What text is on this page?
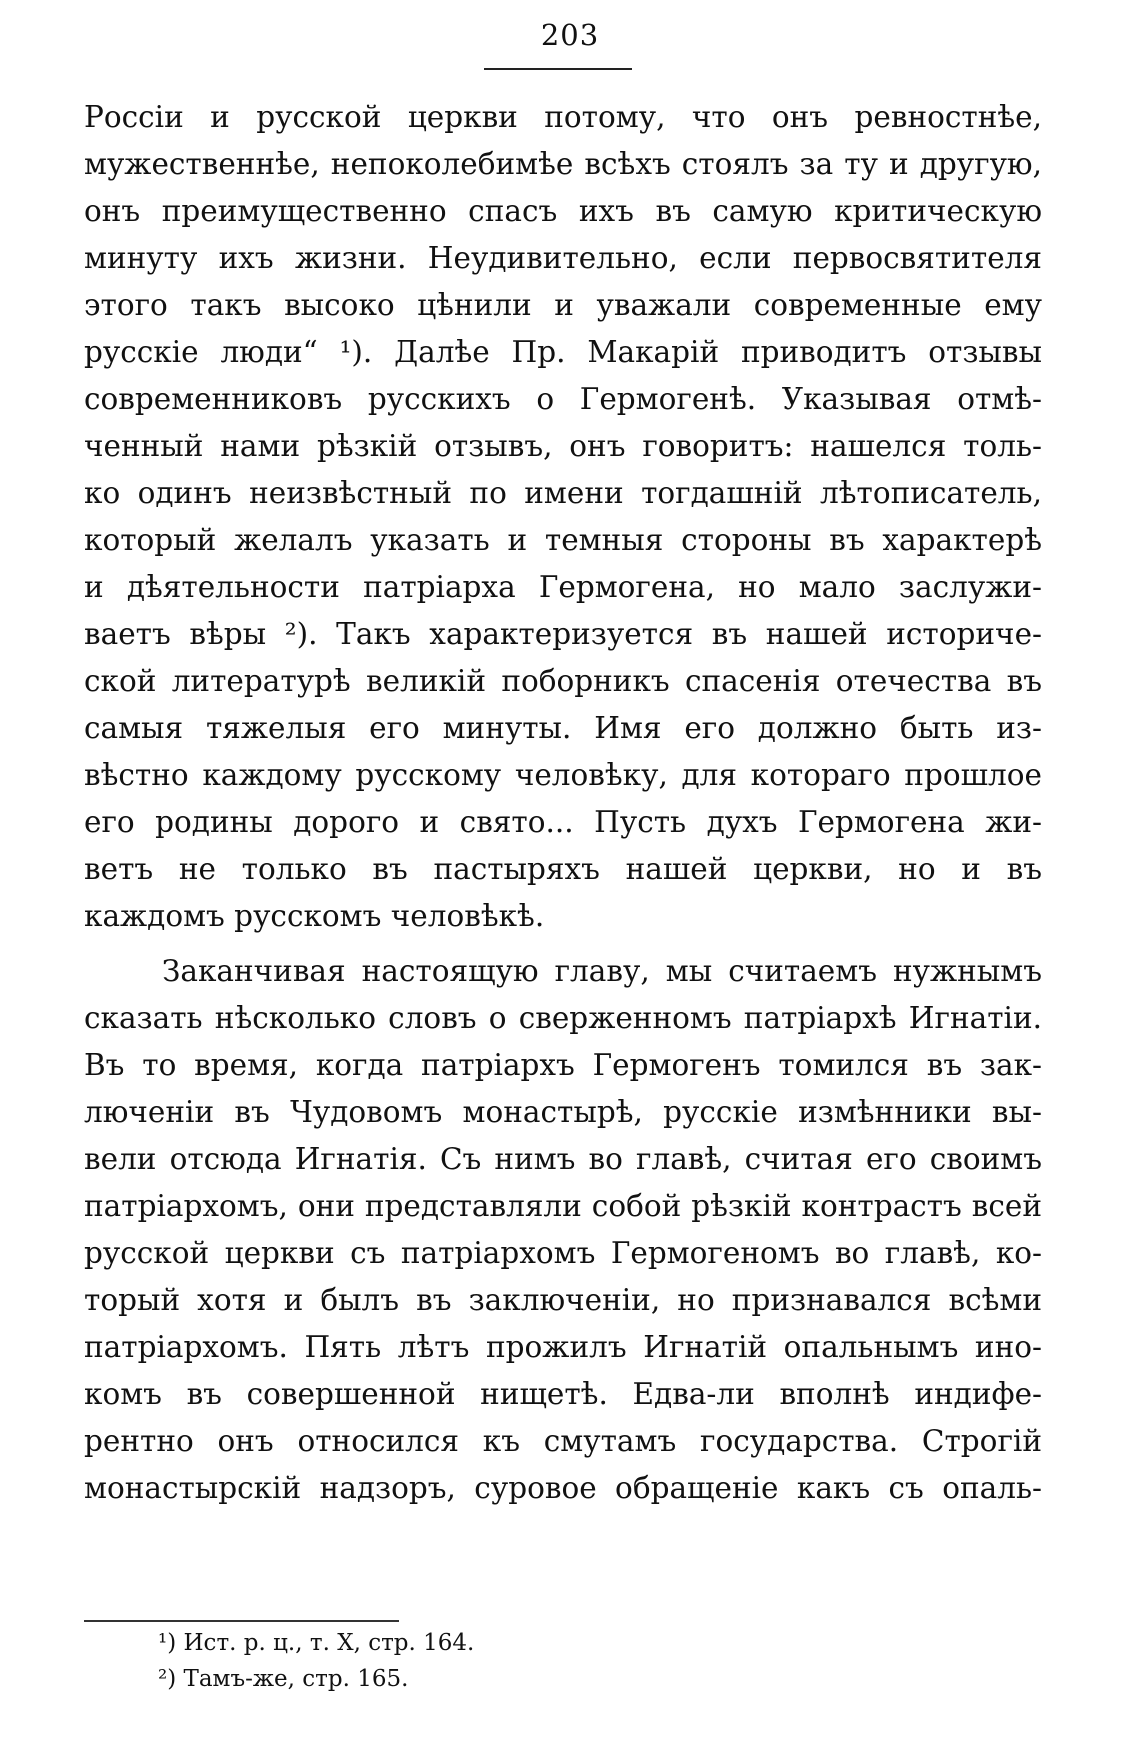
203
Россіи и русской церкви потому, что онъ ревностнѣе,
мужественнѣе, непоколебимѣе всѣхъ стоялъ за ту и другую,
онъ преимущественно спасъ ихъ въ самую критическую
минуту ихъ жизни. Неудивительно, если первосвятителя
этого такъ высоко цѣнили и уважали современные ему
русскіе люди“ ¹). Далѣе Пр. Макарій приводитъ отзывы
современниковъ русскихъ о Гермогенѣ. Указывая отмѣ-
ченный нами рѣзкій отзывъ, онъ говоритъ: нашелся толь-
ко одинъ неизвѣстный по имени тогдашній лѣтописатель,
который желалъ указать и темныя стороны въ характерѣ
и дѣятельности патріарха Гермогена, но мало заслужи-
ваетъ вѣры ²). Такъ характеризуется въ нашей историче-
ской литературѣ великій поборникъ спасенія отечества въ
самыя тяжелыя его минуты. Имя его должно быть из-
вѣстно каждому русскому человѣку, для котораго прошлое
его родины дорого и свято... Пусть духъ Гермогена жи-
ветъ не только въ пастыряхъ нашей церкви, но и въ
каждомъ русскомъ человѣкѣ.
Заканчивая настоящую главу, мы считаемъ нужнымъ
сказать нѣсколько словъ о сверженномъ патріархѣ Игнатіи.
Въ то время, когда патріархъ Гермогенъ томился въ зак-
люченіи въ Чудовомъ монастырѣ, русскіе измѣнники вы-
вели отсюда Игнатія. Съ нимъ во главѣ, считая его своимъ
патріархомъ, они представляли собой рѣзкій контрастъ всей
русской церкви съ патріархомъ Гермогеномъ во главѣ, ко-
торый хотя и былъ въ заключеніи, но признавался всѣми
патріархомъ. Пять лѣтъ прожилъ Игнатій опальнымъ ино-
комъ въ совершенной нищетѣ. Едва-ли вполнѣ индифе-
рентно онъ относился къ смутамъ государства. Строгій
монастырскій надзоръ, суровое обращеніе какъ съ опаль-
¹) Ист. р. ц., т. X, стр. 164.
²) Тамъ-же, стр. 165.
